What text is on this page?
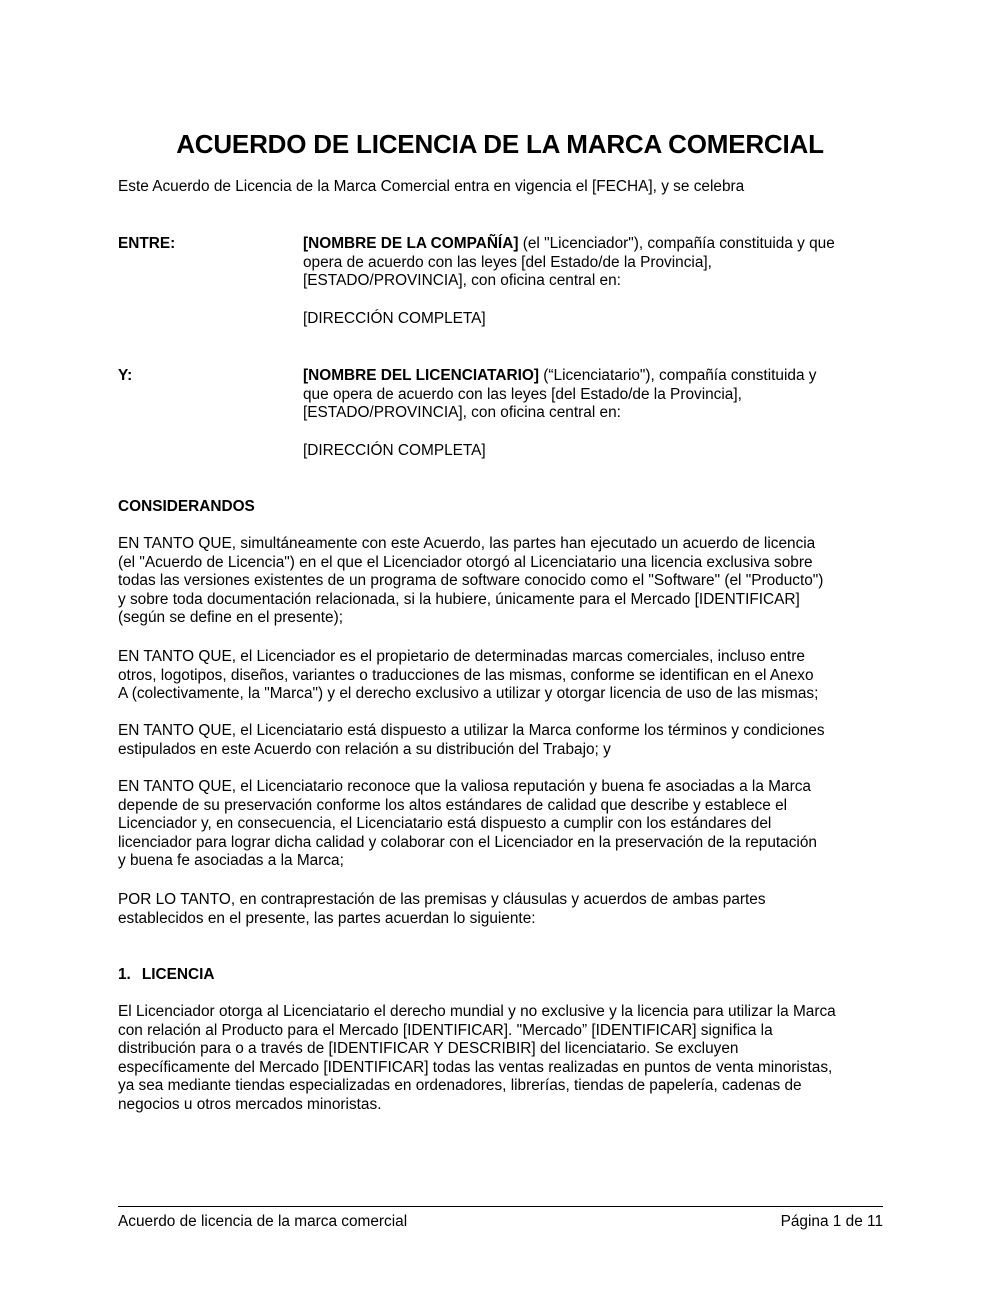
ACUERDO DE LICENCIA DE LA MARCA COMERCIAL
Este Acuerdo de Licencia de la Marca Comercial entra en vigencia el [FECHA], y se celebra
ENTRE:	[NOMBRE DE LA COMPAÑÍA] (el "Licenciador"), compañía constituida y que
opera de acuerdo con las leyes [del Estado/de la Provincia],
[ESTADO/PROVINCIA], con oficina central en:
[DIRECCIÓN COMPLETA]
Y:	[NOMBRE DEL LICENCIATARIO] (“Licenciatario"), compañía constituida y
que opera de acuerdo con las leyes [del Estado/de la Provincia],
[ESTADO/PROVINCIA], con oficina central en:
[DIRECCIÓN COMPLETA]
CONSIDERANDOS
EN TANTO QUE, simultáneamente con este Acuerdo, las partes han ejecutado un acuerdo de licencia
(el "Acuerdo de Licencia") en el que el Licenciador otorgó al Licenciatario una licencia exclusiva sobre
todas las versiones existentes de un programa de software conocido como el "Software" (el "Producto")
y sobre toda documentación relacionada, si la hubiere, únicamente para el Mercado [IDENTIFICAR]
(según se define en el presente);
EN TANTO QUE, el Licenciador es el propietario de determinadas marcas comerciales, incluso entre
otros, logotipos, diseños, variantes o traducciones de las mismas, conforme se identifican en el Anexo
A (colectivamente, la "Marca") y el derecho exclusivo a utilizar y otorgar licencia de uso de las mismas;
EN TANTO QUE, el Licenciatario está dispuesto a utilizar la Marca conforme los términos y condiciones
estipulados en este Acuerdo con relación a su distribución del Trabajo; y
EN TANTO QUE, el Licenciatario reconoce que la valiosa reputación y buena fe asociadas a la Marca
depende de su preservación conforme los altos estándares de calidad que describe y establece el
Licenciador y, en consecuencia, el Licenciatario está dispuesto a cumplir con los estándares del
licenciador para lograr dicha calidad y colaborar con el Licenciador en la preservación de la reputación
y buena fe asociadas a la Marca;
POR LO TANTO, en contraprestación de las premisas y cláusulas y acuerdos de ambas partes
establecidos en el presente, las partes acuerdan lo siguiente:
1. LICENCIA
El Licenciador otorga al Licenciatario el derecho mundial y no exclusive y la licencia para utilizar la Marca
con relación al Producto para el Mercado [IDENTIFICAR]. "Mercado” [IDENTIFICAR] significa la
distribución para o a través de [IDENTIFICAR Y DESCRIBIR] del licenciatario. Se excluyen
específicamente del Mercado [IDENTIFICAR] todas las ventas realizadas en puntos de venta minoristas,
ya sea mediante tiendas especializadas en ordenadores, librerías, tiendas de papelería, cadenas de
negocios u otros mercados minoristas.
Acuerdo de licencia de la marca comercial	Página 1 de 11
